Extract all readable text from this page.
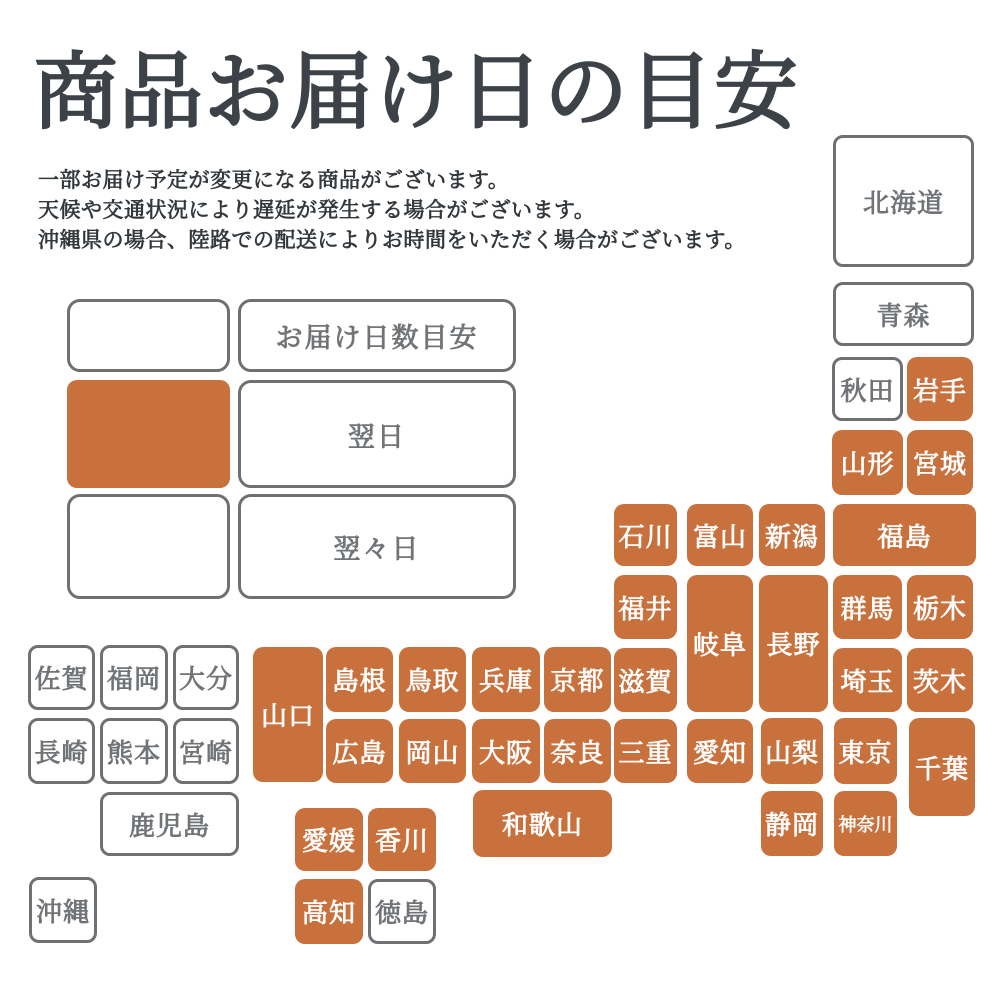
商品お届け日の目安
一部お届け予定が変更になる商品がございます。
天候や交通状況により遅延が発生する場合がございます。
沖縄県の場合、陸路での配送によりお時間をいただく場合がございます。
お届け日数目安
翌日
翌々日
北海道
青森
秋田 岩手
山形 宮城
石川 富山 新潟	福島
福井
岐阜 長野
群馬 栃木
滋賀	埼玉 茨木
山口
島根 鳥取 兵庫 京都
佐賀 福岡 大分
広島 岡山 大阪 奈良 三重 愛知 山梨 東京
千葉
長崎 熊本 宮崎
鹿児島	和歌山	静岡 神奈川
愛媛 香川
高知 徳島
沖縄
